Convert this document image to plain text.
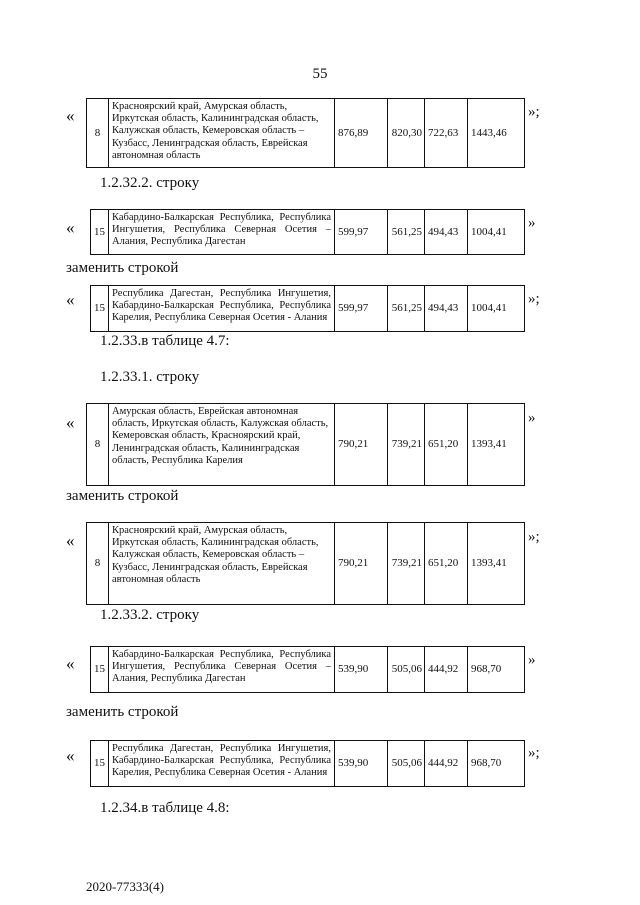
55
«
8	Красноярский край, Амурская область, Иркутская область, Калининградская область, Калужская область, Кемеровская область – Кузбасс, Ленинградская область, Еврейская автономная область	876,89	820,30	722,63	1443,46
»;
1.2.32.2. строку
« 15	Кабардино-Балкарская Республика, Республика Ингушетия, Республика Северная Осетия – Алания, Республика Дагестан	599,97	561,25	494,43	1004,41
»
заменить строкой
« 15	Республика Дагестан, Республика Ингушетия, Кабардино-Балкарская Республика, Республика Карелия, Республика Северная Осетия - Алания	599,97	561,25	494,43	1004,41
»;
1.2.33.в таблице 4.7:
1.2.33.1. строку
«
8	Амурская область, Еврейская автономная область, Иркутская область, Калужская область, Кемеровская область, Красноярский край, Ленинградская область, Калининградская область, Республика Карелия	790,21	739,21	651,20	1393,41
»
заменить строкой
«
8	Красноярский край, Амурская область, Иркутская область, Калининградская область, Калужская область, Кемеровская область – Кузбасс, Ленинградская область, Еврейская автономная область	790,21	739,21	651,20	1393,41
»;
1.2.33.2. строку
« 15	Кабардино-Балкарская Республика, Республика Ингушетия, Республика Северная Осетия – Алания, Республика Дагестан	539,90	505,06	444,92	968,70
»
заменить строкой
« 15	Республика Дагестан, Республика Ингушетия, Кабардино-Балкарская Республика, Республика Карелия, Республика Северная Осетия - Алания	539,90	505,06	444,92	968,70
»;
1.2.34.в таблице 4.8:
2020-77333(4)
